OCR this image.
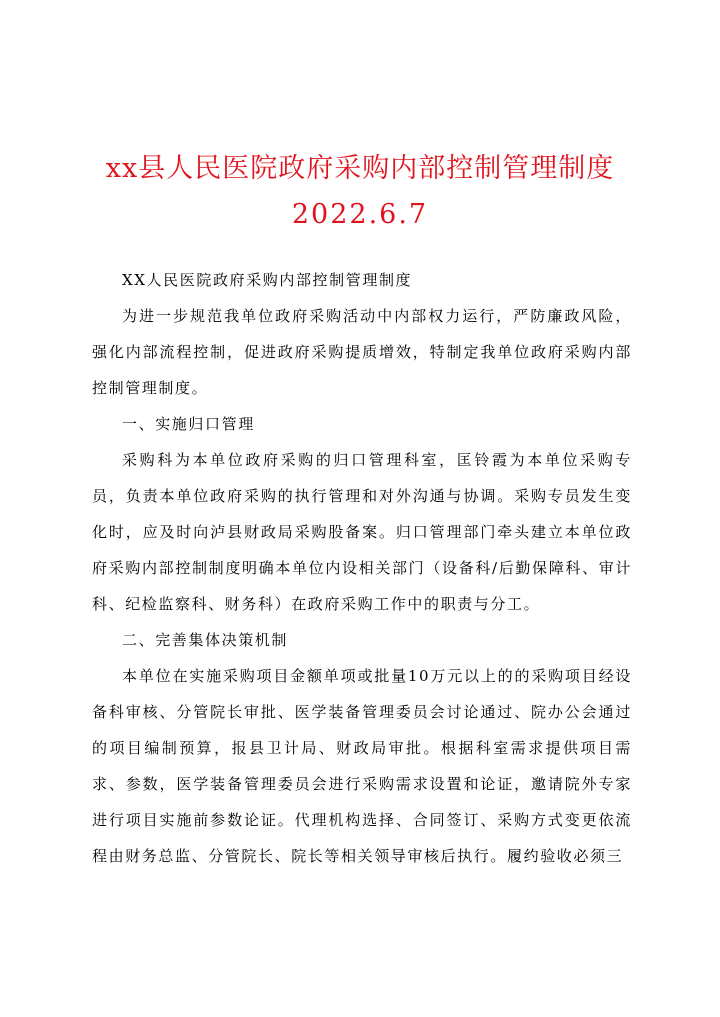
xx县人民医院政府采购内部控制管理制度
2022.6.7

XX人民医院政府采购内部控制管理制度

为进一步规范我单位政府采购活动中内部权力运行，严防廉政风险，强化内部流程控制，促进政府采购提质增效，特制定我单位政府采购内部控制管理制度。

一、实施归口管理

采购科为本单位政府采购的归口管理科室，匡铃霞为本单位采购专员，负责本单位政府采购的执行管理和对外沟通与协调。采购专员发生变化时，应及时向泸县财政局采购股备案。归口管理部门牵头建立本单位政府采购内部控制制度明确本单位内设相关部门（设备科/后勤保障科、审计科、纪检监察科、财务科）在政府采购工作中的职责与分工。

二、完善集体决策机制

本单位在实施采购项目金额单项或批量10万元以上的的采购项目经设备科审核、分管院长审批、医学装备管理委员会讨论通过、院办公会通过的项目编制预算，报县卫计局、财政局审批。根据科室需求提供项目需求、参数，医学装备管理委员会进行采购需求设置和论证，邀请院外专家进行项目实施前参数论证。代理机构选择、合同签订、采购方式变更依流程由财务总监、分管院长、院长等相关领导审核后执行。履约验收必须三
